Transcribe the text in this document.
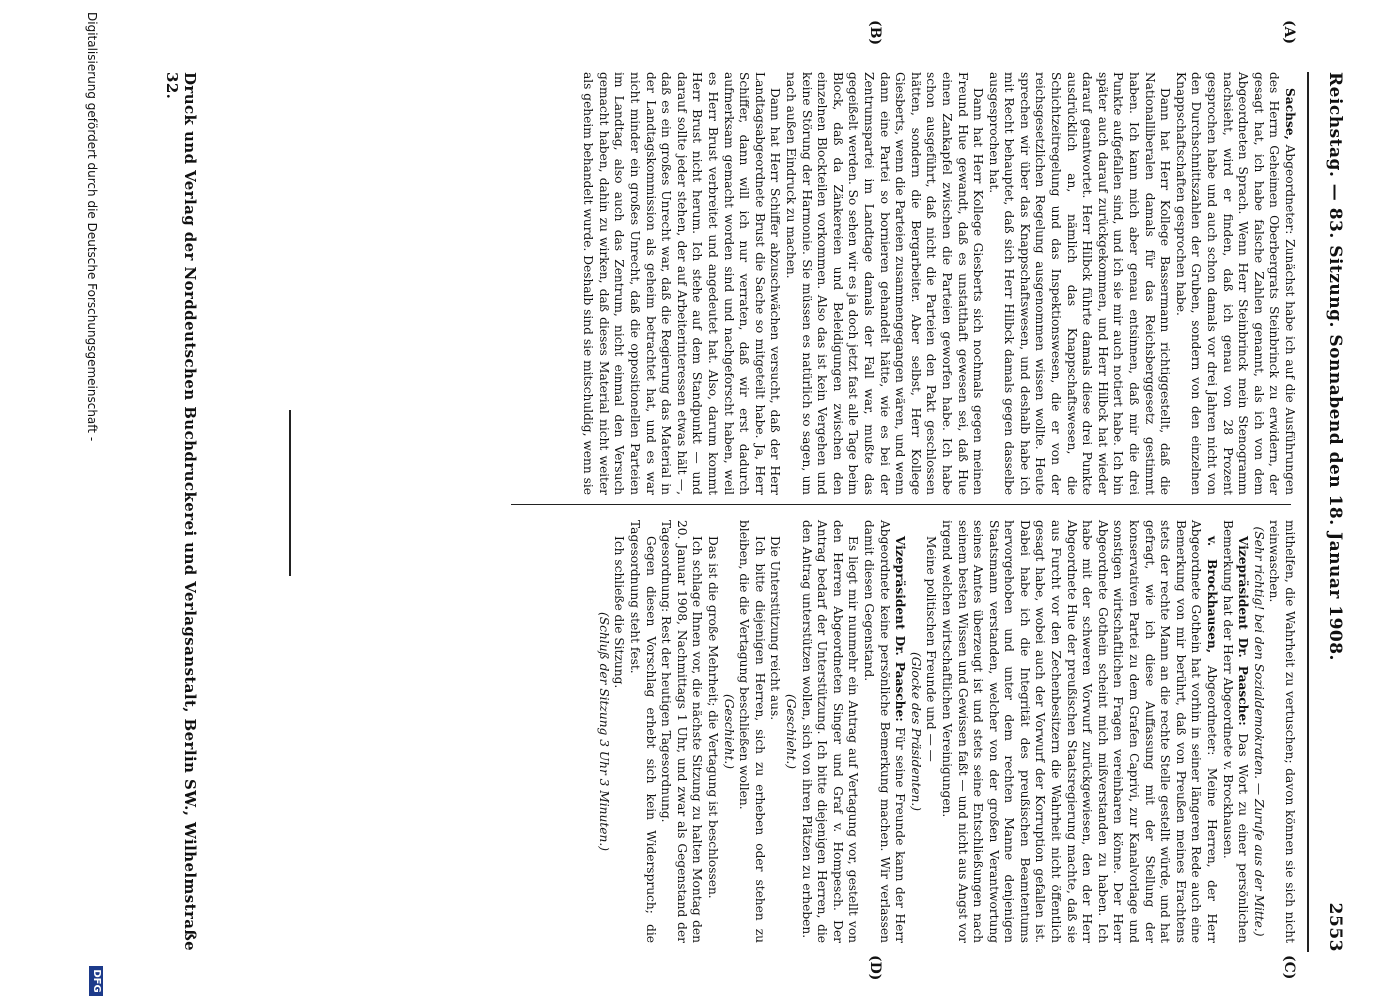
Reichstag. — 83. Sitzung. Sonnabend den 18. Januar 1908.
2553
(A)
(B)
(C)
(D)

Sachse, Abgeordneter: Zunächst habe ich auf die Ausführungen des Herrn Geheimen Oberbergrats Steinbrinck zu erwidern, der gesagt hat, ich habe falsche Zahlen genannt, als ich von dem Abgeordneten Sprach. Wenn Herr Steinbrinck mein Stenogramm nachsieht, wird er finden, daß ich genau von 28 Prozent gesprochen habe und auch schon damals vor drei Jahren nicht von den Durchschnittszahlen der Gruben, sondern von den einzelnen Knappschaftschaften gesprochen habe.

Dann hat Herr Kollege Bassermann richtiggestellt, daß die Nationalliberalen damals für das Reichsberggesetz gestimmt haben. Ich kann mich aber genau entsinnen, daß mir die drei Punkte aufgefallen sind, und ich sie mir auch notiert habe. Ich bin später auch darauf zurückgekommen, und Herr Hilbck hat wieder darauf geantwortet. Herr Hilbck führte damals diese drei Punkte ausdrücklich an, nämlich das Knappschaftswesen, die Schichtzeitregelung und das Inspektionswesen, die er von der reichsgesetzlichen Regelung ausgenommen wissen wollte. Heute sprechen wir über das Knappschaftswesen, und deshalb habe ich mit Recht behauptet, daß sich Herr Hilbck damals gegen dasselbe ausgesprochen hat.

Dann hat Herr Kollege Giesberts sich nochmals gegen meinen Freund Hue gewandt, daß es unstatthaft gewesen sei, daß Hue einen Zankapfel zwischen die Parteien geworfen habe. Ich habe schon ausgeführt, daß nicht die Parteien den Pakt geschlossen hätten, sondern die Bergarbeiter. Aber selbst, Herr Kollege Giesberts, wenn die Parteien zusammengegangen wären, und wenn dann eine Partei so bornieren gehandelt hätte, wie es bei der Zentrumspartei im Landtage damals der Fall war, mußte das gegeißelt werden. So sehen wir es ja doch jetzt fast alle Tage beim Block, daß da Zänkereien und Beleidigungen zwischen den einzelnen Blockteilen vorkommen. Also das ist kein Vergehen und keine Störung der Harmonie. Sie müssen es natürlich so sagen, um nach außen Eindruck zu machen.

Dann hat Herr Schiffer abzuschwächen versucht, daß der Herr Landtagsabgeordnete Brust die Sache so mitgeteilt habe. Ja, Herr Schiffer, dann will ich nur verraten, daß wir erst dadurch aufmerksam gemacht worden sind und nachgeforscht haben, weil es Herr Brust verbreitet und angedeutet hat. Also, darum kommt Herr Brust nicht herum. Ich stehe auf dem Standpunkt — und darauf sollte jeder stehen, der auf Arbeiterinteressen etwas hält —, daß es ein großes Unrecht war, daß die Regierung das Material in der Landtagskommission als geheim betrachtet hat, und es war nicht minder ein großes Unrecht, daß die oppositionellen Parteien im Landtag, also auch das Zentrum, nicht einmal den Versuch gemacht haben, dahin zu wirken, daß dieses Material nicht weiter als geheim behandelt wurde. Deshalb sind sie mitschuldig, wenn sie

mithelfen, die Wahrheit zu vertuschen; davon können sie sich nicht reinwaschen.

(Sehr richtig! bei den Sozialdemokraten. — Zurufe aus der Mitte.)

Vizepräsident Dr. Paasche: Das Wort zu einer persönlichen Bemerkung hat der Herr Abgeordnete v. Brockhausen.

v. Brockhausen, Abgeordneter: Meine Herren, der Herr Abgeordnete Gothein hat vorhin in seiner längeren Rede auch eine Bemerkung von mir berührt, daß von Preußen meines Erachtens stets der rechte Mann an die rechte Stelle gestellt würde, und hat gefragt, wie ich diese Auffassung mit der Stellung der konservativen Partei zu dem Grafen Caprivi, zur Kanalvorlage und sonstigen wirtschaftlichen Fragen vereinbaren könne. Der Herr Abgeordnete Gothein scheint mich mißverstanden zu haben. Ich habe mit der schweren Vorwurf zurückgewiesen, den der Herr Abgeordnete Hue der preußischen Staatsregierung machte, daß sie aus Furcht vor den Zechenbesitzern die Wahrheit nicht öffentlich gesagt habe, wobei auch der Vorwurf der Korruption gefallen ist. Dabei habe ich die Integrität des preußischen Beamtentums hervorgehoben und unter dem rechten Manne denjenigen Staatsmann verstanden, welcher von der großen Verantwortung seines Amtes überzeugt ist und stets seine Entschließungen nach seinem besten Wissen und Gewissen faßt — und nicht aus Angst vor irgend welchen wirtschaftlichen Vereinigungen.

Meine politischen Freunde und — —

(Glocke des Präsidenten.)

Vizepräsident Dr. Paasche: Für seine Freunde kann der Herr Abgeordnete keine persönliche Bemerkung machen. Wir verlassen damit diesen Gegenstand.

Es liegt mir nunmehr ein Antrag auf Vertagung vor, gestellt von den Herren Abgeordneten Singer und Graf v. Hompesch. Der Antrag bedarf der Unterstützung. Ich bitte diejenigen Herren, die den Antrag unterstützen wollen, sich von ihren Plätzen zu erheben.

(Geschieht.)

Die Unterstützung reicht aus.

Ich bitte diejenigen Herren, sich zu erheben oder stehen zu bleiben, die die Vertagung beschließen wollen.

(Geschieht.)

Das ist die große Mehrheit; die Vertagung ist beschlossen.

Ich schlage Ihnen vor, die nächste Sitzung zu halten Montag den 20. Januar 1908, Nachmittags 1 Uhr, und zwar als Gegenstand der Tagesordnung: Rest der heutigen Tagesordnung.

Gegen diesen Vorschlag erhebt sich kein Widerspruch; die Tagesordnung steht fest.

Ich schließe die Sitzung.

(Schluß der Sitzung 3 Uhr 3 Minuten.)

Druck und Verlag der Norddeutschen Buchdruckerei und Verlagsanstalt, Berlin SW., Wilhelmstraße 32.
Digitalisierung gefördert durch die Deutsche Forschungsgemeinschaft -
DFG
